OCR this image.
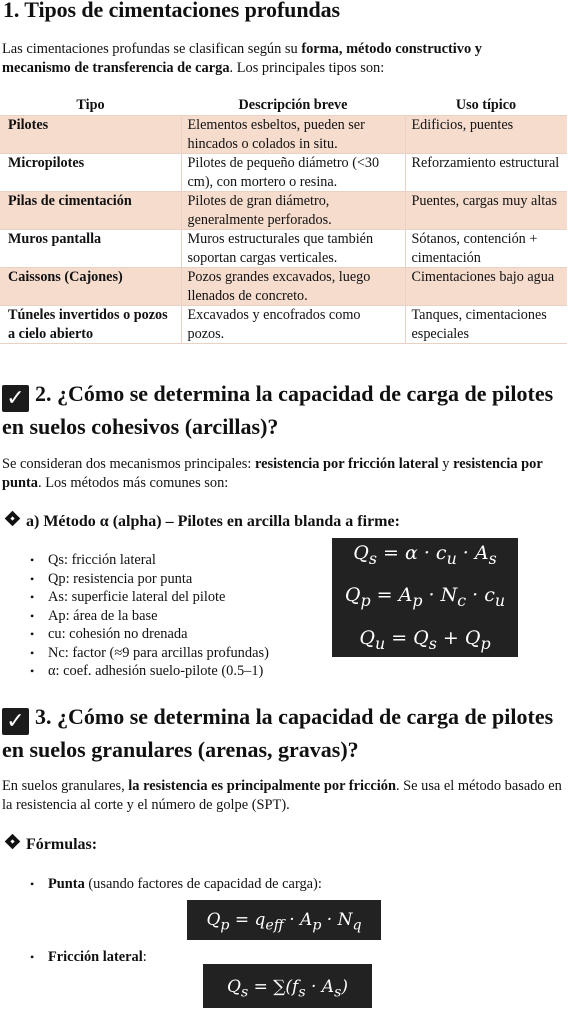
1. Tipos de cimentaciones profundas

Las cimentaciones profundas se clasifican según su forma, método constructivo y mecanismo de transferencia de carga. Los principales tipos son:

Tipo	Descripción breve	Uso típico
Pilotes	Elementos esbeltos, pueden ser hincados o colados in situ.	Edificios, puentes
Micropilotes	Pilotes de pequeño diámetro (<30 cm), con mortero o resina.	Reforzamiento estructural
Pilas de cimentación	Pilotes de gran diámetro, generalmente perforados.	Puentes, cargas muy altas
Muros pantalla	Muros estructurales que también soportan cargas verticales.	Sótanos, contención + cimentación
Caissons (Cajones)	Pozos grandes excavados, luego llenados de concreto.	Cimentaciones bajo agua
Túneles invertidos o pozos a cielo abierto	Excavados y encofrados como pozos.	Tanques, cimentaciones especiales
✓ 2. ¿Cómo se determina la capacidad de carga de pilotes en suelos cohesivos (arcillas)?

Se consideran dos mecanismos principales: resistencia por fricción lateral y resistencia por punta. Los métodos más comunes son:

a) Método α (alpha) – Pilotes en arcilla blanda a firme:
• Qs: fricción lateral
• Qp: resistencia por punta
• As: superficie lateral del pilote
• Ap: área de la base
• cu: cohesión no drenada
• Nc: factor (≈9 para arcillas profundas)
• α: coef. adhesión suelo-pilote (0.5–1)
$Q_s = \alpha \cdot c_u \cdot A_s$
$Q_p = A_p \cdot N_c \cdot c_u$
$Q_u = Q_s + Q_p$
✓ 3. ¿Cómo se determina la capacidad de carga de pilotes en suelos granulares (arenas, gravas)?

En suelos granulares, la resistencia es principalmente por fricción. Se usa el método basado en la resistencia al corte y el número de golpe (SPT).

Fórmulas:
• Punta (usando factores de capacidad de carga):
$Q_p = q_{eff} \cdot A_p \cdot N_q$
• Fricción lateral:
$Q_s = \sum(f_s \cdot A_s)$
